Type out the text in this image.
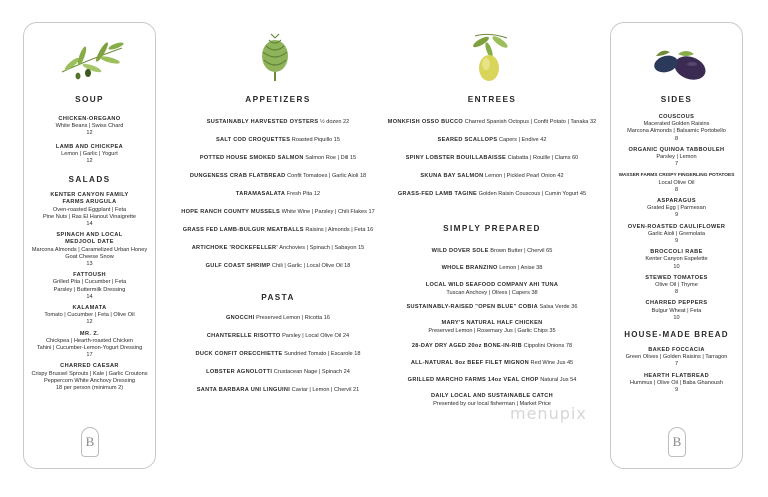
B	B
menupix
SOUP
CHICKEN-OREGANO
White Beans | Swiss Chard
12
LAMB AND CHICKPEA
Lemon | Garlic | Yogurt
12
SALADS
KENTER CANYON FAMILY
FARMS ARUGULA
Oven-roasted Eggplant | Feta
Pine Nuts | Ras El Hanout Vinaigrette
14
SPINACH AND LOCAL
MEDJOOL DATE
Marcona Almonds | Caramelized Urban Honey
Goat Cheese Snow
13
FATTOUSH
Grilled Pita | Cucumber | Feta
Parsley | Buttermilk Dressing
14
KALAMATA
Tomato | Cucumber | Feta | Olive Oil
12
MR. Z.
Chickpea | Hearth-roasted Chicken
Tahini | Cucumber-Lemon-Yogurt Dressing
17
CHARRED CAESAR
Crispy Brussel Sprouts | Kale | Garlic Croutons
Peppercorn White Anchovy Dressing
18 per person (minimum 2)
APPETIZERS
SUSTAINABLY HARVESTED OYSTERS ½ dozen 22
SALT COD CROQUETTES Roasted Piquillo 15
POTTED HOUSE SMOKED SALMON Salmon Roe | Dill 15
DUNGENESS CRAB FLATBREAD Confit Tomatoes | Garlic Aioli 18
TARAMASALATA Fresh Pita 12
HOPE RANCH COUNTY MUSSELS White Wine | Parsley | Chili Flakes 17
GRASS FED LAMB-BULGUR MEATBALLS Raisins | Almonds | Feta 16
ARTICHOKE 'ROCKEFELLER' Anchovies | Spinach | Sabayon 15
GULF COAST SHRIMP Chili | Garlic | Local Olive Oil 18
PASTA
GNOCCHI Preserved Lemon | Ricotta 16
CHANTERELLE RISOTTO Parsley | Local Olive Oil 24
DUCK CONFIT ORECCHIETTE Sundried Tomato | Escarole 18
LOBSTER AGNOLOTTI Crustacean Nage | Spinach 24
SANTA BARBARA UNI LINGUINI Caviar | Lemon | Chervil 21
ENTREES
MONKFISH OSSO BUCCO Charred Spanish Octopus | Confit Potato | Tanaka 32
SEARED SCALLOPS Capers | Endive 42
SPINY LOBSTER BOUILLABAISSE Ciabatta | Rouille | Clams 60
SKUNA BAY SALMON Lemon | Pickled Pearl Onion 42
GRASS-FED LAMB TAGINE Golden Raisin Couscous | Cumin Yogurt 45
SIMPLY PREPARED
WILD DOVER SOLE Brown Butter | Chervil 65
WHOLE BRANZINO Lemon | Anise 38
LOCAL WILD SEAFOOD COMPANY AHI TUNA
Tuscan Anchovy | Olives | Capers 38
SUSTAINABLY-RAISED "OPEN BLUE" COBIA Salsa Verde 36
MARY'S NATURAL HALF CHICKEN
Preserved Lemon | Rosemary Jus | Garlic Chips 35
28-DAY DRY AGED 20oz BONE-IN-RIB Cippolini Onions 78
ALL-NATURAL 8oz BEEF FILET MIGNON Red Wine Jus 45
GRILLED MARCHO FARMS 14oz VEAL CHOP Natural Jus 54
DAILY LOCAL AND SUSTAINABLE CATCH
Presented by our local fisherman | Market Price
SIDES
COUSCOUS
Macerated Golden Raisins
Marcona Almonds | Balsamic Portobello
8
ORGANIC QUINOA TABBOULEH
Parsley | Lemon
7
WASSER FARMS CRISPY FINGERLING POTATOES
Local Olive Oil
8
ASPARAGUS
Grated Egg | Parmesan
9
OVEN-ROASTED CAULIFLOWER
Garlic Aioli | Gremolata
9
BROCCOLI RABE
Kenter Canyon Espelette
10
STEWED TOMATOES
Olive Oil | Thyme
8
CHARRED PEPPERS
Bulgur Wheat | Feta
10
HOUSE-MADE BREAD
BAKED FOCCACIA
Green Olives | Golden Raisins | Tarragon
7
HEARTH FLATBREAD
Hummus | Olive Oil | Baba Ghanoush
9
